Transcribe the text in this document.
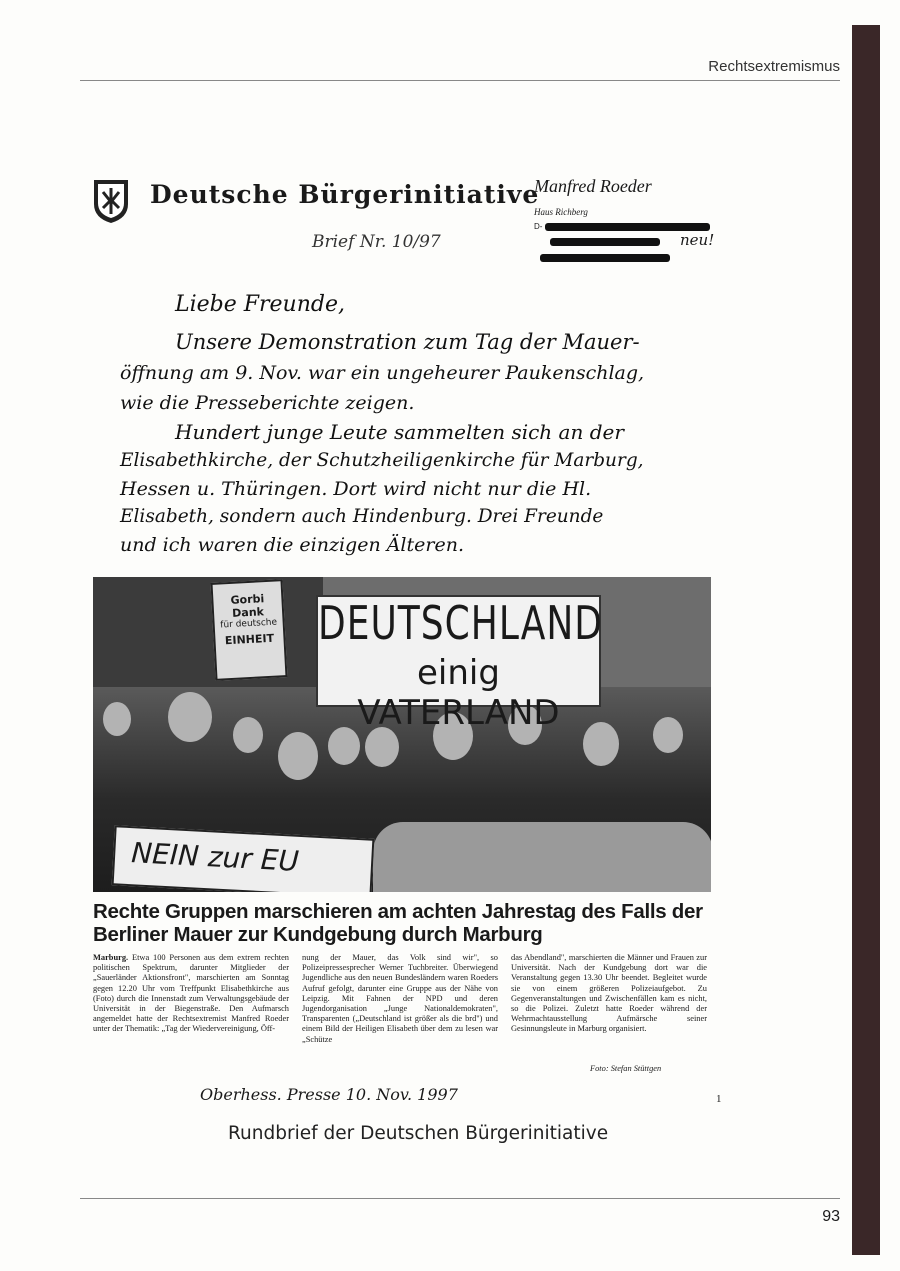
Rechtsextremismus
Deutsche Bürgerinitiative
Brief Nr. 10/97
Manfred Roeder
Haus Richberg
D-
neu!
Liebe Freunde,
Unsere Demonstration zum Tag der Mauer-
öffnung am 9. Nov. war ein ungeheurer Paukenschlag,
wie die Presseberichte zeigen.
Hundert junge Leute sammelten sich an der
Elisabethkirche, der Schutzheiligenkirche für Marburg,
Hessen u. Thüringen. Dort wird nicht nur die Hl.
Elisabeth, sondern auch Hindenburg. Drei Freunde
und ich waren die einzigen Älteren.
Gorbi Dank
für deutsche
EINHEIT DEUTSCHLAND
einig VATERLAND
NEIN zur EU
Rechte Gruppen marschieren am achten Jahrestag des Falls der Berliner Mauer zur Kundgebung durch Marburg
Marburg. Etwa 100 Personen aus dem extrem rechten politischen Spektrum, darunter Mitglieder der „Sauerländer Aktionsfront", marschierten am Sonntag gegen 12.20 Uhr vom Treffpunkt Elisabethkirche aus (Foto) durch die Innenstadt zum Verwaltungsgebäude der Universität in der Biegenstraße. Den Aufmarsch angemeldet hatte der Rechtsextremist Manfred Roeder unter der Thematik: „Tag der Wiedervereinigung, Öff-
nung der Mauer, das Volk sind wir", so Polizeipressesprecher Werner Tuchbreiter. Überwiegend Jugendliche aus den neuen Bundesländern waren Roeders Aufruf gefolgt, darunter eine Gruppe aus der Nähe von Leipzig. Mit Fahnen der NPD und deren Jugendorganisation „Junge Nationaldemokraten", Transparenten („Deutschland ist größer als die brd") und einem Bild der Heiligen Elisabeth über dem zu lesen war „Schütze
das Abendland", marschierten die Männer und Frauen zur Universität. Nach der Kundgebung dort war die Veranstaltung gegen 13.30 Uhr beendet. Begleitet wurde sie von einem größeren Polizeiaufgebot. Zu Gegenveranstaltungen und Zwischenfällen kam es nicht, so die Polizei. Zuletzt hatte Roeder während der Wehrmachtausstellung Aufmärsche seiner Gesinnungsleute in Marburg organisiert.
Foto: Stefan Stüttgen
Oberhess. Presse 10. Nov. 1997	1
Rundbrief der Deutschen Bürgerinitiative
93
